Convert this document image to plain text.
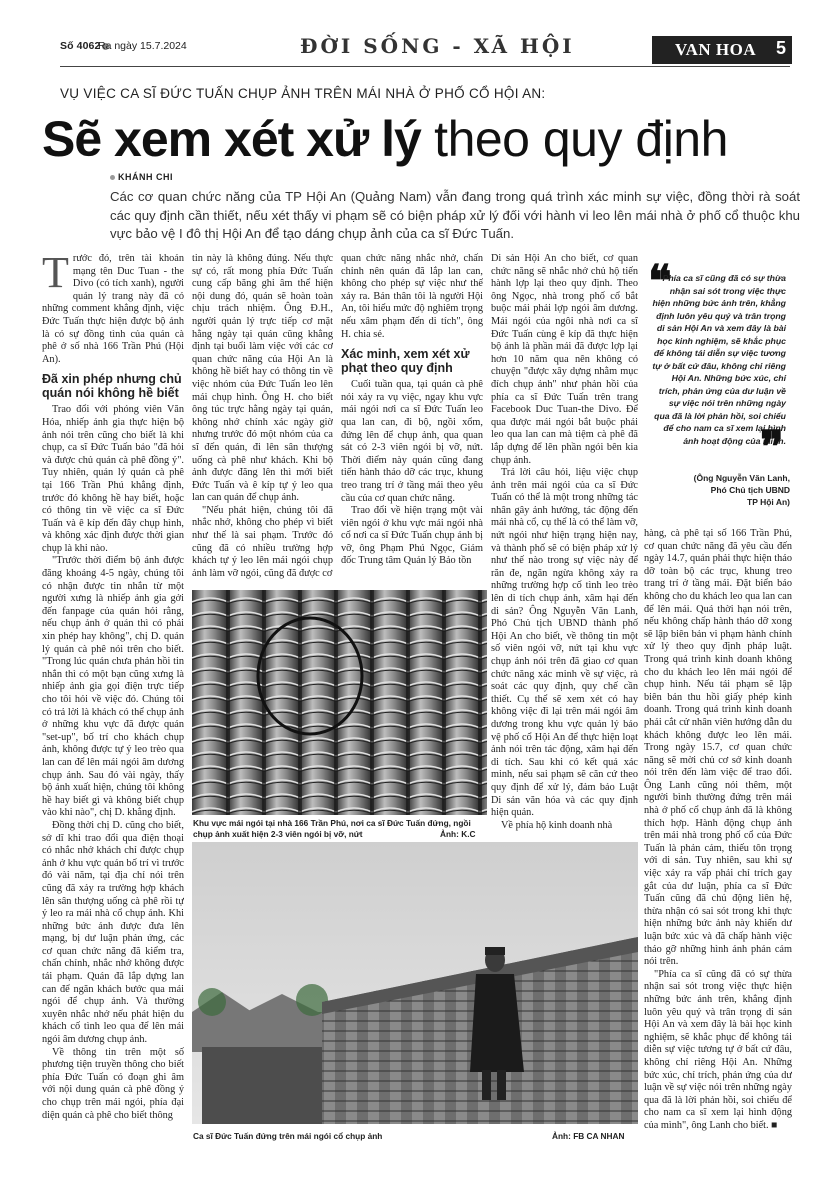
Số 4062
Ra ngày 15.7.2024	ĐỜI SỐNG - XÃ HỘI	VAN HOA 5
VỤ VIỆC CA SĨ ĐỨC TUẤN CHỤP ẢNH TRÊN MÁI NHÀ Ở PHỐ CỔ HỘI AN:
Sẽ xem xét xử lý theo quy định
KHÁNH CHI
Các cơ quan chức năng của TP Hội An (Quảng Nam) vẫn đang trong quá trình xác minh sự việc, đồng thời rà soát các quy định cần thiết, nếu xét thấy vi phạm sẽ có biện pháp xử lý đối với hành vi leo lên mái nhà ở phố cổ thuộc khu vực bảo vệ I đô thị Hội An để tạo dáng chụp ảnh của ca sĩ Đức Tuấn.
T rước đó, trên tài khoản mạng tên Duc Tuan - the Divo (có tích xanh), người quản lý trang này đã có những comment khẳng định, việc Đức Tuấn thực hiện được bộ ảnh là có sự đồng tình của quán cà phê ở số nhà 166 Trần Phú (Hội An).

Đã xin phép nhưng chủ quán nói không hề biết

Trao đổi với phóng viên Văn Hóa, nhiếp ảnh gia thực hiện bộ ảnh nói trên cũng cho biết là khi chụp, ca sĩ Đức Tuấn bảo "đã hỏi và được chủ quán cà phê đồng ý". Tuy nhiên, quản lý quán cà phê tại 166 Trần Phú khẳng định, trước đó không hề hay biết, hoặc có thông tin về việc ca sĩ Đức Tuấn và ê kíp đến đây chụp hình, và không xác định được thời gian chụp là khi nào.

"Trước thời điểm bộ ảnh được đăng khoảng 4-5 ngày, chúng tôi có nhận được tin nhắn từ một người xưng là nhiếp ảnh gia gởi đến fanpage của quán hỏi rằng, nếu chụp ảnh ở quán thì có phải xin phép hay không", chị D. quản lý quán cà phê nói trên cho biết. "Trong lúc quán chưa phản hồi tin nhắn thì có một bạn cũng xưng là nhiếp ảnh gia gọi điện trực tiếp cho tôi hỏi về việc đó. Chúng tôi có trả lời là khách có thể chụp ảnh ở những khu vực đã được quán "set-up", bố trí cho khách chụp ảnh, không được tự ý leo trèo qua lan can để lên mái ngói âm dương chụp ảnh. Sau đó vài ngày, thấy bộ ảnh xuất hiện, chúng tôi không hề hay biết gì và không biết chụp vào khi nào", chị D. khẳng định.

Đồng thời chị D. cũng cho biết, sở dĩ khi trao đổi qua điện thoại có nhắc nhở khách chỉ được chụp ảnh ở khu vực quán bố trí vì trước đó vài năm, tại địa chỉ nói trên cũng đã xảy ra trường hợp khách lên sân thượng uống cà phê rồi tự ý leo ra mái nhà cổ chụp ảnh. Khi những bức ảnh được đưa lên mạng, bị dư luận phản ứng, các cơ quan chức năng đã kiểm tra, chấn chỉnh, nhắc nhở không được tái phạm. Quán đã lắp dựng lan can để ngăn khách bước qua mái ngói để chụp ảnh. Và thường xuyên nhắc nhở nếu phát hiện du khách cố tình leo qua để lên mái ngói âm dương chụp ảnh.

Về thông tin trên một số phương tiện truyền thông cho biết phía Đức Tuấn có đoạn ghi âm với nội dung quản cà phê đồng ý cho chụp trên mái ngói, phía đại diện quán cà phê cho biết thông

tin này là không đúng. Nếu thực sự có, rất mong phía Đức Tuấn cung cấp băng ghi âm thể hiện nội dung đó, quán sẽ hoàn toàn chịu trách nhiệm. Ông Đ.H., người quản lý trực tiếp cơ mặt hằng ngày tại quán cũng khẳng định tại buổi làm việc với các cơ quan chức năng của Hội An là không hề biết hay có thông tin về việc nhóm của Đức Tuấn leo lên mái chụp hình. Ông H. cho biết ông túc trực hằng ngày tại quán, không nhớ chính xác ngày giờ nhưng trước đó một nhóm của ca sĩ đến quán, đi lên sân thượng uống cà phê như khách. Khi bộ ảnh được đăng lên thì mới biết Đức Tuấn và ê kíp tự ý leo qua lan can quán để chụp ảnh.

"Nếu phát hiện, chúng tôi đã nhắc nhở, không cho phép vì biết như thế là sai phạm. Trước đó cũng đã có nhiều trường hợp khách tự ý leo lên mái ngói chụp ảnh làm vỡ ngói, cũng đã được cơ

quan chức năng nhắc nhở, chấn chỉnh nên quán đã lắp lan can, không cho phép sự việc như thế xảy ra. Bản thân tôi là người Hội An, tôi hiểu mức độ nghiêm trọng nếu xâm phạm đến di tích", ông H. chia sẻ.

Xác minh, xem xét xử phạt theo quy định

Cuối tuần qua, tại quán cà phê nói xảy ra vụ việc, ngay khu vực mái ngói nơi ca sĩ Đức Tuấn leo qua lan can, đi bộ, ngồi xổm, đứng lên để chụp ảnh, qua quan sát có 2-3 viên ngói bị vỡ, nứt. Thời điểm này quán cũng đang tiến hành tháo dỡ các trục, khung treo trang trí ở tầng mái theo yêu cầu của cơ quan chức năng.

Trao đổi về hiện trạng một vài viên ngói ở khu vực mái ngói nhà cổ nơi ca sĩ Đức Tuấn chụp ảnh bị vỡ, ông Phạm Phú Ngọc, Giám đốc Trung tâm Quản lý Bảo tồn

Di sản Hội An cho biết, cơ quan chức năng sẽ nhắc nhở chủ hộ tiến hành lợp lại theo quy định. Theo ông Ngọc, nhà trong phố cổ bắt buộc mái phải lợp ngói âm dương. Mái ngói của ngôi nhà nơi ca sĩ Đức Tuấn cùng ê kíp đã thực hiện bộ ảnh là phần mái đã được lợp lại hơn 10 năm qua nên không có chuyện "được xây dựng nhằm mục đích chụp ảnh" như phản hồi của phía ca sĩ Đức Tuấn trên trang Facebook Duc Tuan-the Divo. Để qua được mái ngói bắt buộc phải leo qua lan can mà tiệm cà phê đã lắp dựng để lên phần ngói bên kia chụp ảnh.

Trả lời câu hỏi, liệu việc chụp ảnh trên mái ngói của ca sĩ Đức Tuấn có thể là một trong những tác nhân gây ảnh hưởng, tác động đến mái nhà cổ, cụ thể là có thể làm vỡ, nứt ngói như hiện trạng hiện nay, và thành phố sẽ có biện pháp xử lý như thế nào trong sự việc này để răn đe, ngăn ngừa không xảy ra những trường hợp cố tình leo trèo lên di tích chụp ảnh, xâm hại đến di sản? Ông Nguyễn Văn Lanh, Phó Chủ tịch UBND thành phố Hội An cho biết, về thông tin một số viên ngói vỡ, nứt tại khu vực chụp ảnh nói trên đã giao cơ quan chức năng xác minh về sự việc, rà soát các quy định, quy chế cần thiết. Cụ thể sẽ xem xét có hay không việc đi lại trên mái ngói âm dương trong khu vực quản lý bảo vệ phố cổ Hội An để thực hiện loạt ảnh nói trên tác động, xâm hại đến di tích. Sau khi có kết quả xác minh, nếu sai phạm sẽ căn cứ theo quy định để xử lý, đảm bảo Luật Di sản văn hóa và các quy định hiện quản.

Về phía hộ kinh doanh nhà

❝
Phía ca sĩ cũng đã có sự thừa nhận sai sót trong việc thực hiện những bức ảnh trên, khẳng định luôn yêu quý và trân trọng di sản Hội An và xem đây là bài học kinh nghiệm, sẽ khắc phục để không tái diễn sự việc tương tự ở bất cứ đâu, không chỉ riêng Hội An. Những bức xúc, chỉ trích, phản ứng của dư luận về sự việc nói trên những ngày qua đã là lời phản hồi, soi chiếu để cho nam ca sĩ xem lại hình ảnh hoạt động của mình.
❞
(Ông Nguyễn Văn Lanh,
Phó Chủ tịch UBND
TP Hội An)

hàng, cà phê tại số 166 Trần Phú, cơ quan chức năng đã yêu cầu đến ngày 14.7, quán phải thực hiện tháo dỡ toàn bộ các trục, khung treo trang trí ở tầng mái. Đặt biển báo không cho du khách leo qua lan can để lên mái. Quá thời hạn nói trên, nếu không chấp hành tháo dỡ xong sẽ lập biên bản vi phạm hành chính xử lý theo quy định pháp luật. Trong quá trình kinh doanh không cho du khách leo lên mái ngói để chụp hình. Nếu tái phạm sẽ lập biên bản thu hồi giấy phép kinh doanh. Trong quá trình kinh doanh phải cắt cử nhân viên hướng dẫn du khách không được leo lên mái. Trong ngày 15.7, cơ quan chức năng sẽ mời chủ cơ sở kinh doanh nói trên đến làm việc để trao đổi. Ông Lanh cũng nói thêm, một người bình thường đứng trên mái nhà ở phố cổ chụp ảnh đã là không thích hợp. Hành động chụp ảnh trên mái nhà trong phố cổ của Đức Tuấn là phản cảm, thiếu tôn trọng với di sản. Tuy nhiên, sau khi sự việc xảy ra vấp phải chỉ trích gay gắt của dư luận, phía ca sĩ Đức Tuấn cũng đã chủ động liên hệ, thừa nhận có sai sót trong khi thực hiện những bức ảnh này khiến dư luận bức xúc và đã chấp hành việc tháo gỡ những hình ảnh phản cảm nói trên.

"Phía ca sĩ cũng đã có sự thừa nhận sai sót trong việc thực hiện những bức ảnh trên, khẳng định luôn yêu quý và trân trọng di sản Hội An và xem đây là bài học kinh nghiệm, sẽ khắc phục để không tái diễn sự việc tương tự ở bất cứ đâu, không chỉ riêng Hội An. Những bức xúc, chỉ trích, phản ứng của dư luận về sự việc nói trên những ngày qua đã là lời phản hồi, soi chiếu để cho nam ca sĩ xem lại hình động của mình", ông Lanh cho biết. ■

Khu vực mái ngói tại nhà 166 Trần Phú, nơi ca sĩ Đức Tuấn đứng, ngồi chụp ảnh xuất hiện 2-3 viên ngói bị vỡ, nứt	Ảnh: K.C
Ca sĩ Đức Tuấn đứng trên mái ngói cổ chụp ảnh	Ảnh: FB CA NHAN
